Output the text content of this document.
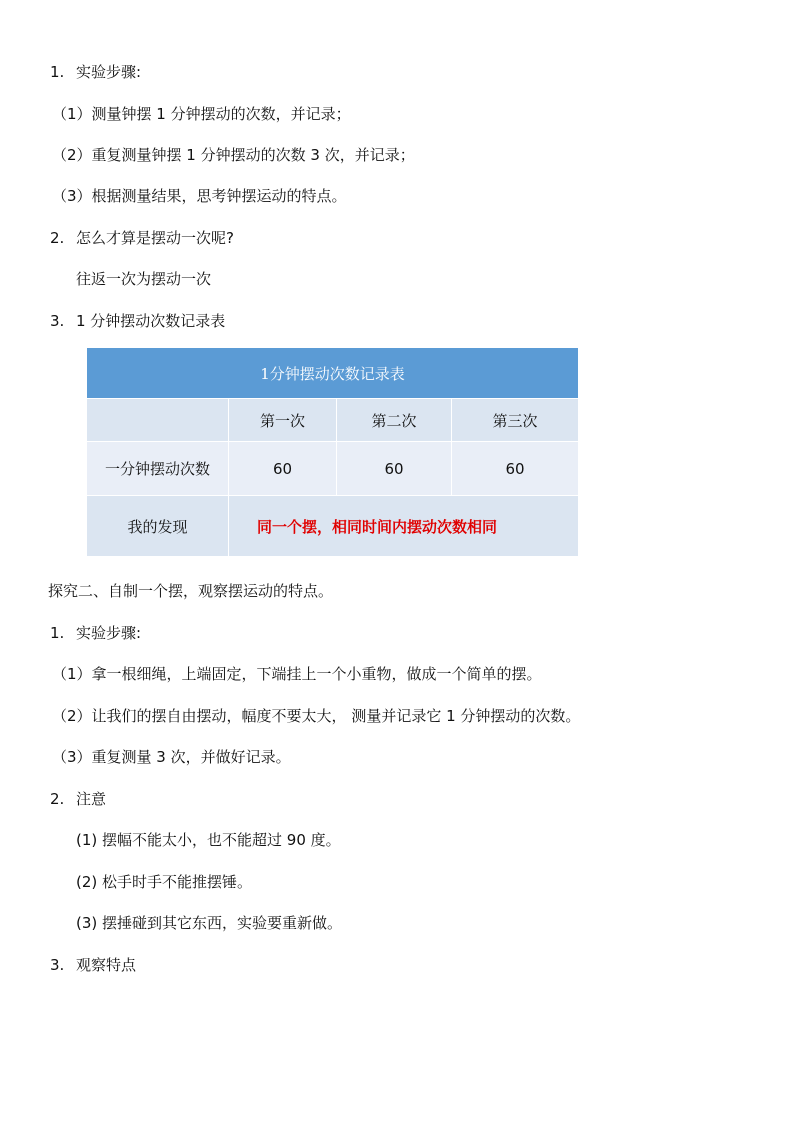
1. 实验步骤:
（1）测量钟摆 1 分钟摆动的次数，并记录；
（2）重复测量钟摆 1 分钟摆动的次数 3 次，并记录；
（3）根据测量结果，思考钟摆运动的特点。
2. 怎么才算是摆动一次呢?
往返一次为摆动一次
3. 1 分钟摆动次数记录表
1分钟摆动次数记录表			
	第一次	第二次	第三次
一分钟摆动次数	60	60	60
我的发现	同一个摆，相同时间内摆动次数相同		
探究二、自制一个摆，观察摆运动的特点。
1. 实验步骤:
（1）拿一根细绳，上端固定，下端挂上一个小重物，做成一个简单的摆。
（2）让我们的摆自由摆动，幅度不要太大， 测量并记录它 1 分钟摆动的次数。
（3）重复测量 3 次，并做好记录。
2. 注意
(1) 摆幅不能太小，也不能超过 90 度。
(2) 松手时手不能推摆锤。
(3) 摆捶碰到其它东西，实验要重新做。
3. 观察特点
